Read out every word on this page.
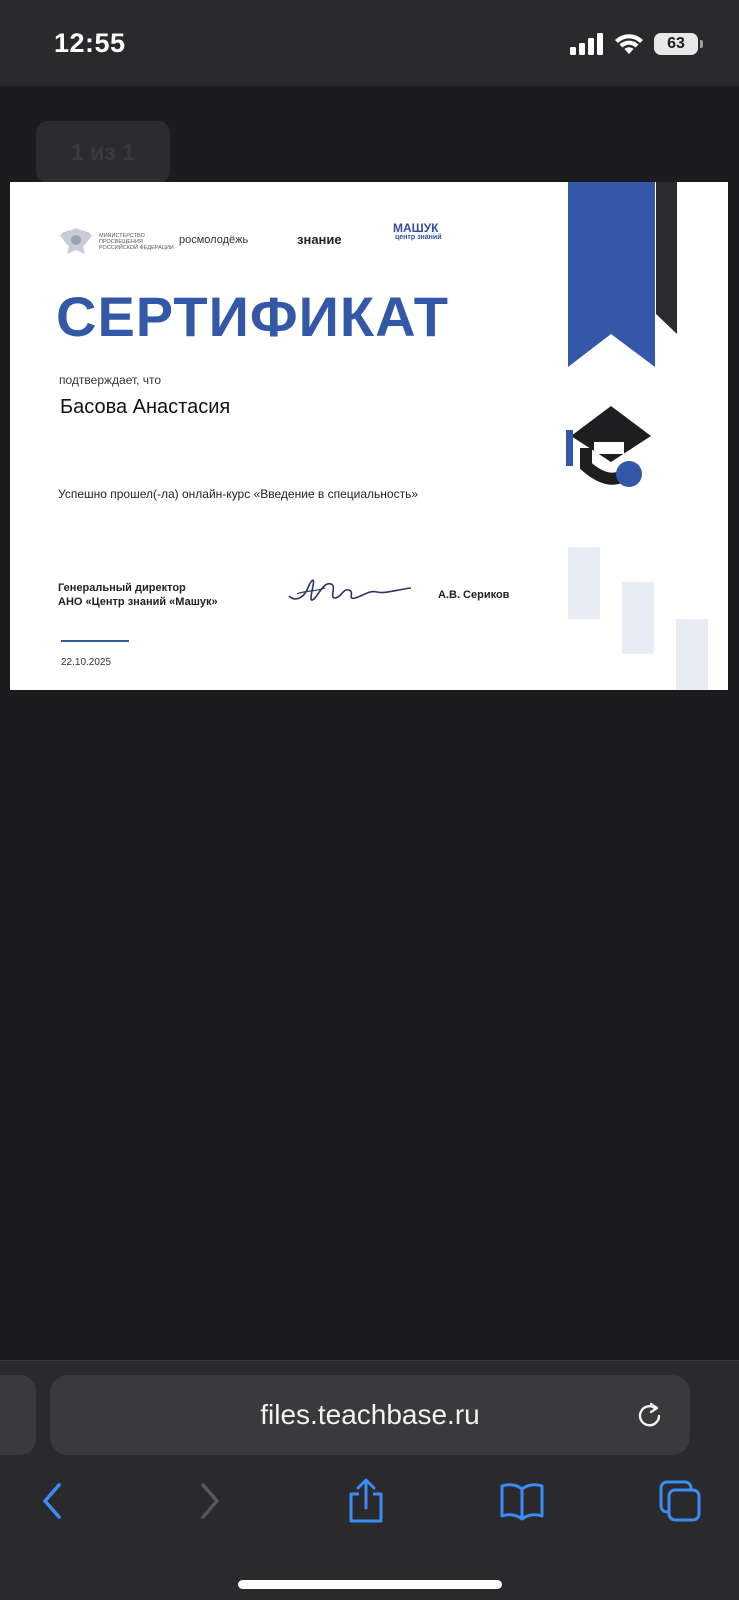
12:55	63
1 из 1
МИНИСТЕРСТВО ПРОСВЕЩЕНИЯ РОССИЙСКОЙ ФЕДЕРАЦИИ
росмолодёжь	знание
МАШУК
центр знаний
СЕРТИФИКАТ
подтверждает, что
Басова Анастасия
Успешно прошел(-ла) онлайн-курс «Введение в специальность»
Генеральный директор
АНО «Центр знаний «Машук»
А.В. Сериков
22.10.2025
files.teachbase.ru
